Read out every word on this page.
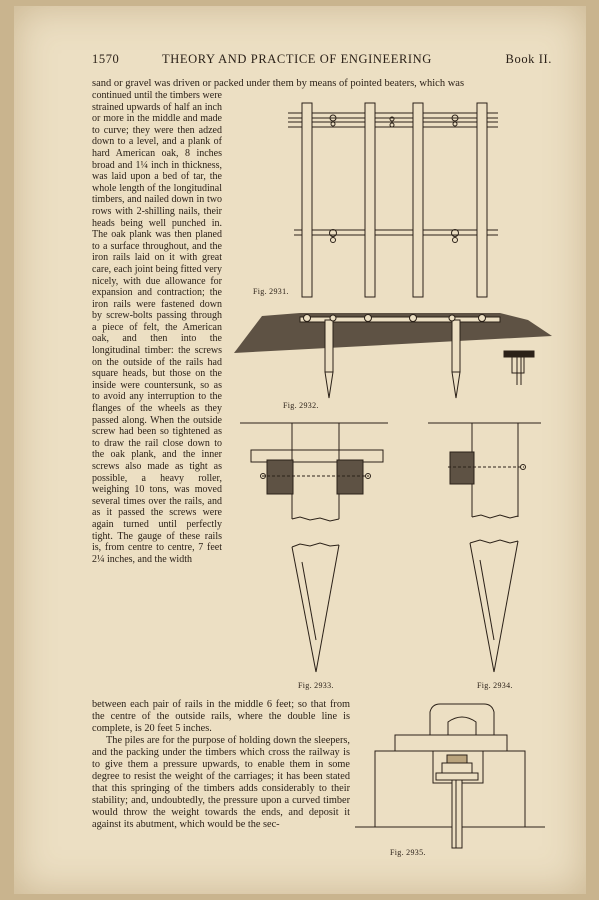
1570	THEORY AND PRACTICE OF ENGINEERING	Book II.
sand or gravel was driven or packed under them by means of pointed beaters, which was

continued until the timbers were strained upwards of half an inch or more in the middle and made to curve; they were then adzed down to a level, and a plank of hard American oak, 8 inches broad and 1¼ inch in thickness, was laid upon a bed of tar, the whole length of the longitudinal timbers, and nailed down in two rows with 2-shilling nails, their heads being well punched in. The oak plank was then planed to a surface throughout, and the iron rails laid on it with great care, each joint being fitted very nicely, with due allowance for expansion and contraction; the iron rails were fastened down by screw-bolts passing through a piece of felt, the American oak, and then into the longitudinal timber: the screws on the outside of the rails had square heads, but those on the inside were countersunk, so as to avoid any interruption to the flanges of the wheels as they passed along. When the outside screw had been so tightened as to draw the rail close down to the oak plank, and the inner screws also made as tight as possible, a heavy roller, weighing 10 tons, was moved several times over the rails, and as it passed the screws were again turned until perfectly tight. The gauge of these rails is, from centre to centre, 7 feet 2¼ inches, and the width

between each pair of rails in the middle 6 feet; so that from the centre of the outside rails, where the double line is complete, is 20 feet 5 inches.

The piles are for the purpose of holding down the sleepers, and the packing under the timbers which cross the railway is to give them a pressure upwards, to enable them in some degree to resist the weight of the carriages; it has been stated that this springing of the timbers adds considerably to their stability; and, undoubtedly, the pressure upon a curved timber would throw the weight towards the ends, and deposit it against its abutment, which would be the sec-

Fig. 2931.
Fig. 2932.
Fig. 2933.	Fig. 2934.
Fig. 2935.
